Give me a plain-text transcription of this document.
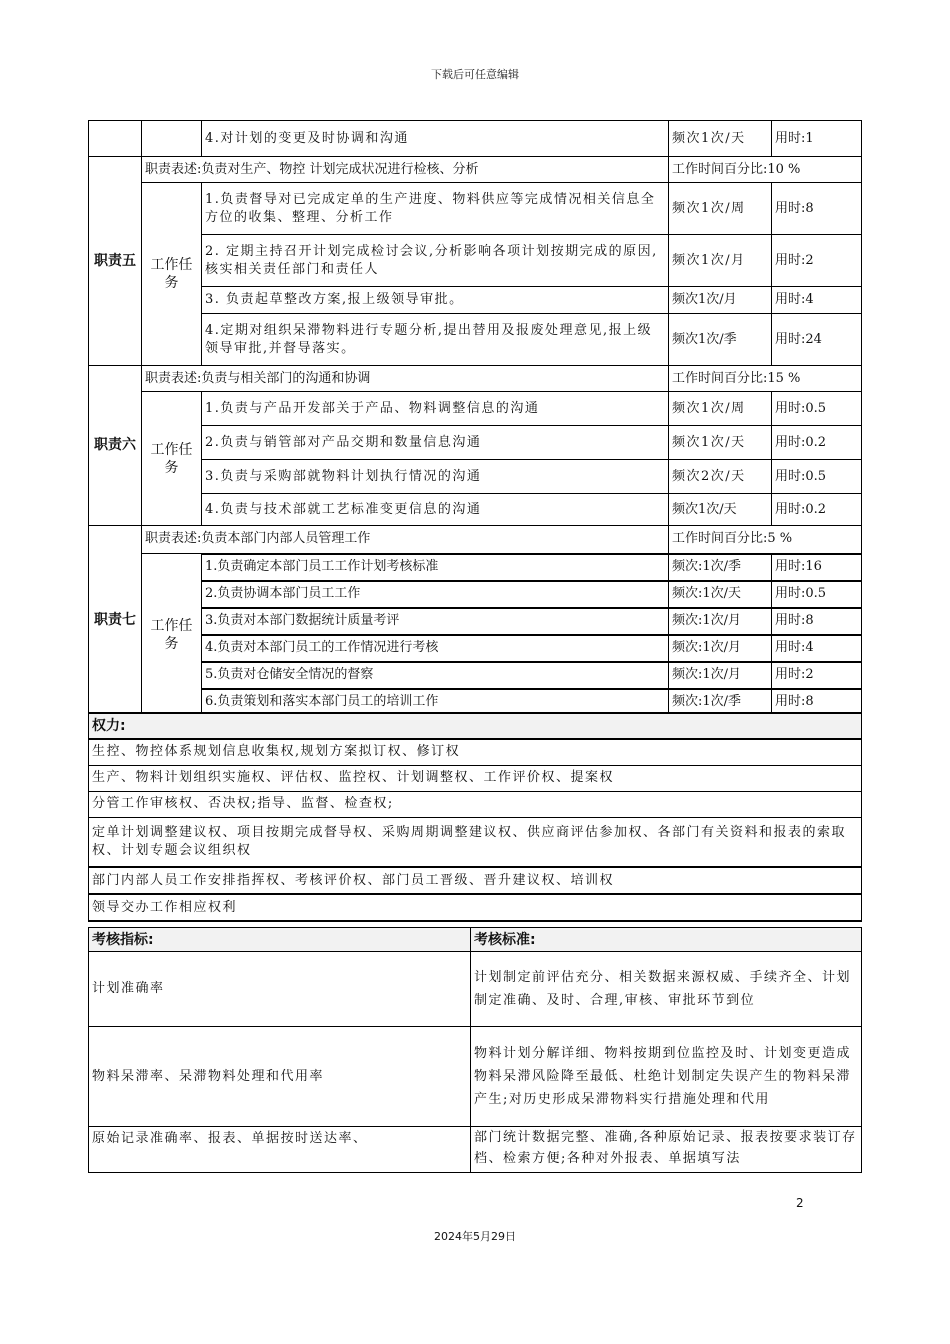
下载后可任意编辑
		4.对计划的变更及时协调和沟通	频次1次/天	用时:1
职责五	职责表述:负责对生产、物控 计划完成状况进行检核、分析		工作时间百分比:10 %	
	工作任务	1.负责督导对已完成定单的生产进度、物料供应等完成情况相关信息全方位的收集、整理、分析工作	频次1次/周	用时:8
		2. 定期主持召开计划完成检讨会议,分析影响各项计划按期完成的原因,核实相关责任部门和责任人	频次1次/月	用时:2
		3. 负责起草整改方案,报上级领导审批。	频次1次/月	用时:4
		4.定期对组织呆滞物料进行专题分析,提出替用及报废处理意见,报上级领导审批,并督导落实。	频次1次/季	用时:24
职责六	职责表述:负责与相关部门的沟通和协调		工作时间百分比:15 %	
	工作任务	1.负责与产品开发部关于产品、物料调整信息的沟通	频次1次/周	用时:0.5
		2.负责与销管部对产品交期和数量信息沟通	频次1次/天	用时:0.2
		3.负责与采购部就物料计划执行情况的沟通	频次2次/天	用时:0.5
		4.负责与技术部就工艺标准变更信息的沟通	频次1次/天	用时:0.2
职责七	职责表述:负责本部门内部人员管理工作		工作时间百分比:5 %	
	工作任务	1.负责确定本部门员工工作计划考核标准	频次:1次/季	用时:16
		2.负责协调本部门员工工作	频次:1次/天	用时:0.5
		3.负责对本部门数据统计质量考评	频次:1次/月	用时:8
		4.负责对本部门员工的工作情况进行考核	频次:1次/月	用时:4
		5.负责对仓储安全情况的督察	频次:1次/月	用时:2
		6.负责策划和落实本部门员工的培训工作	频次:1次/季	用时:8
权力:
生控、物控体系规划信息收集权,规划方案拟订权、修订权
生产、物料计划组织实施权、评估权、监控权、计划调整权、工作评价权、提案权
分管工作审核权、否决权;指导、监督、检查权;
定单计划调整建议权、项目按期完成督导权、采购周期调整建议权、供应商评估参加权、各部门有关资料和报表的索取权、计划专题会议组织权
部门内部人员工作安排指挥权、考核评价权、部门员工晋级、晋升建议权、培训权
领导交办工作相应权利
考核指标:	考核标准:
计划准确率	计划制定前评估充分、相关数据来源权威、手续齐全、计划制定准确、及时、合理,审核、审批环节到位
物料呆滞率、呆滞物料处理和代用率	物料计划分解详细、物料按期到位监控及时、计划变更造成物料呆滞风险降至最低、杜绝计划制定失误产生的物料呆滞产生;对历史形成呆滞物料实行措施处理和代用
原始记录准确率、报表、单据按时送达率、	部门统计数据完整、准确,各种原始记录、报表按要求装订存档、检索方便;各种对外报表、单据填写法
2
2024年5月29日
